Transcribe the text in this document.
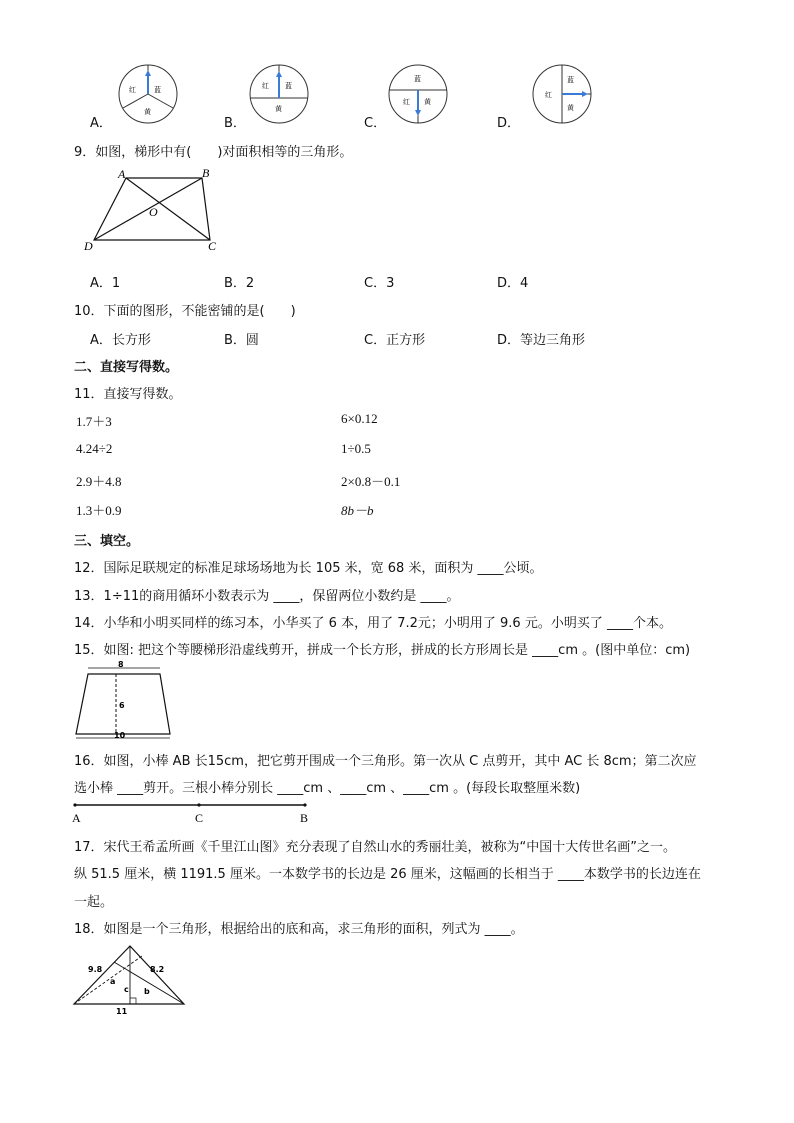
A．	B．	C．	D．
红	蓝
黄
红 蓝
黄
蓝
红 黄
蓝
红
黄
9．如图，梯形中有(　　)对面积相等的三角形。
A	B
O
D	C
A．1	B．2	C．3	D．4
10．下面的图形，不能密铺的是(　　)
A．长方形	B．圆	C．正方形	D．等边三角形
二、直接写得数。
11．直接写得数。
1.7＋3	6×0.12
4.24÷2	1÷0.5
2.9＋4.8	2×0.8－0.1
1.3＋0.9	8b－b
三、填空。
12．国际足联规定的标准足球场场地为长 105 米，宽 68 米，面积为 ____公顷。
13．1÷11的商用循环小数表示为 ____，保留两位小数约是 ____。
14．小华和小明买同样的练习本，小华买了 6 本，用了 7.2元；小明用了 9.6 元。小明买了 ____个本。
15．如图: 把这个等腰梯形沿虚线剪开，拼成一个长方形，拼成的长方形周长是 ____cm 。(图中单位：cm)
8
6
10
16．如图，小棒 AB 长15cm，把它剪开围成一个三角形。第一次从 C 点剪开，其中 AC 长 8cm；第二次应
选小棒 ____剪开。三根小棒分别长 ____cm 、____cm 、____cm 。(每段长取整厘米数)
A	C	B
17．宋代王希孟所画《千里江山图》充分表现了自然山水的秀丽壮美，被称为“中国十大传世名画”之一。
纵 51.5 厘米，横 1191.5 厘米。一本数学书的长边是 26 厘米，这幅画的长相当于 ____本数学书的长边连在
一起。
18．如图是一个三角形，根据给出的底和高，求三角形的面积，列式为 ____。
9.8	8.2
a
c b
11
